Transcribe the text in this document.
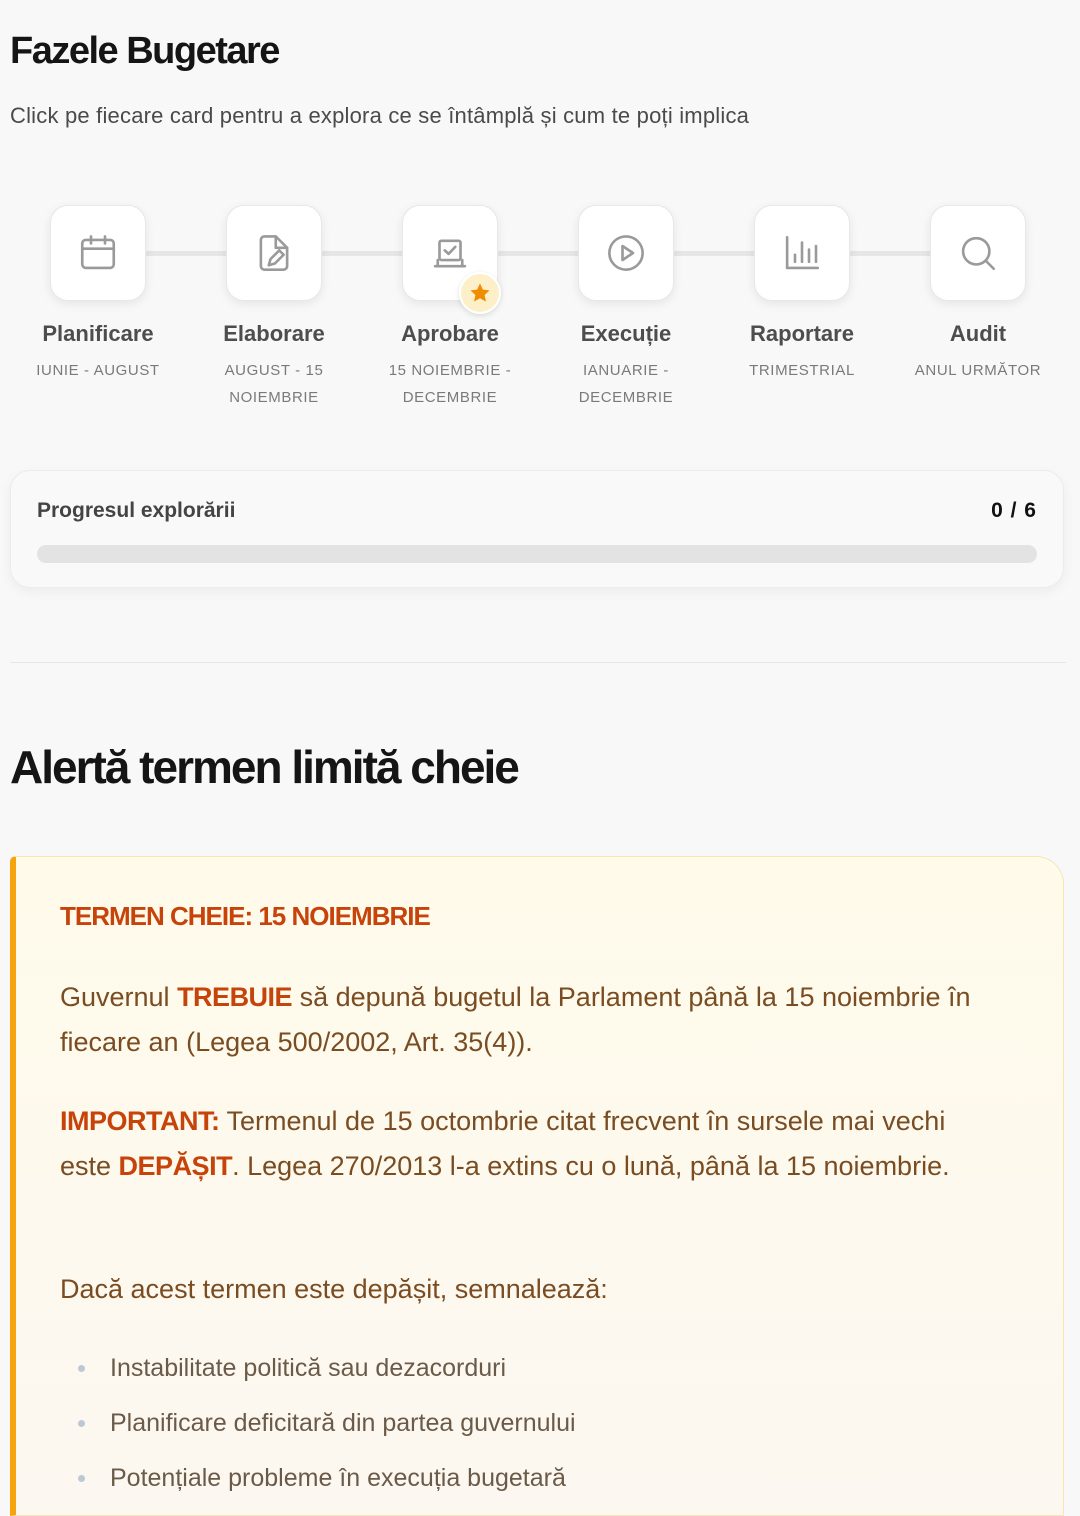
Fazele Bugetare
Click pe fiecare card pentru a explora ce se întâmplă și cum te poți implica
Planificare
IUNIE - AUGUST
Elaborare
AUGUST - 15 NOIEMBRIE
Aprobare
15 NOIEMBRIE - DECEMBRIE
Execuție
IANUARIE - DECEMBRIE
Raportare
TRIMESTRIAL
Audit
ANUL URMĂTOR
Progresul explorării	0 / 6
Alertă termen limită cheie
TERMEN CHEIE: 15 NOIEMBRIE

Guvernul TREBUIE să depună bugetul la Parlament până la 15 noiembrie în fiecare an (Legea 500/2002, Art. 35(4)).

IMPORTANT: Termenul de 15 octombrie citat frecvent în sursele mai vechi este DEPĂȘIT. Legea 270/2013 l-a extins cu o lună, până la 15 noiembrie.

Dacă acest termen este depășit, semnalează:

Instabilitate politică sau dezacorduri
Planificare deficitară din partea guvernului
Potențiale probleme în execuția bugetară
